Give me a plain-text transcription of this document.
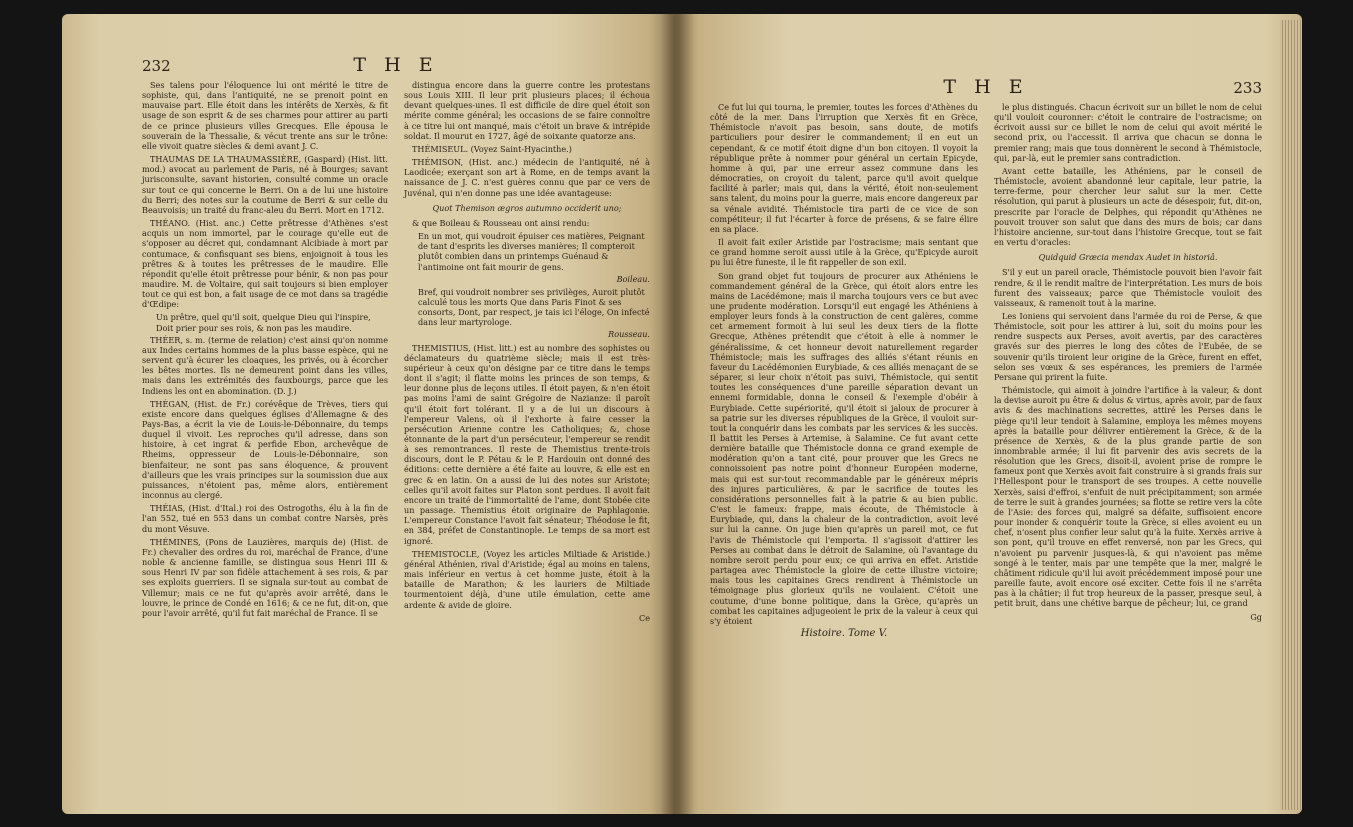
232	T H E

Ses talens pour l'éloquence lui ont mérité le titre de sophiste, qui, dans l'antiquité, ne se prenoit point en mauvaise part. Elle étoit dans les intérêts de Xerxès, & fit usage de son esprit & de ses charmes pour attirer au parti de ce prince plusieurs villes Grecques. Elle épousa le souverain de la Thessalie, & vécut trente ans sur le trône: elle vivoit quatre siècles & demi avant J. C.

THAUMAS DE LA THAUMASSIÈRE, (Gaspard) (Hist. litt. mod.) avocat au parlement de Paris, né à Bourges; savant jurisconsulte, savant historien, consulté comme un oracle sur tout ce qui concerne le Berri. On a de lui une histoire du Berri; des notes sur la coutume de Berri & sur celle du Beauvoisis; un traité du franc-aleu du Berri. Mort en 1712.

THÉANO. (Hist. anc.) Cette prêtresse d'Athènes s'est acquis un nom immortel, par le courage qu'elle eut de s'opposer au décret qui, condamnant Alcibiade à mort par contumace, & confisquant ses biens, enjoignoit à tous les prêtres & à toutes les prêtresses de le maudire. Elle répondit qu'elle étoit prêtresse pour bénir, & non pas pour maudire. M. de Voltaire, qui sait toujours si bien employer tout ce qui est bon, a fait usage de ce mot dans sa tragédie d'Œdipe:

Un prêtre, quel qu'il soit, quelque Dieu qui l'inspire, Doit prier pour ses rois, & non pas les maudire.

THÉER, s. m. (terme de relation) c'est ainsi qu'on nomme aux Indes certains hommes de la plus basse espèce, qui ne servent qu'à écurer les cloaques, les privés, ou à écorcher les bêtes mortes. Ils ne demeurent point dans les villes, mais dans les extrémités des fauxbourgs, parce que les Indiens les ont en abomination. (D. J.)

THÉGAN, (Hist. de Fr.) corévêque de Trèves, tiers qui existe encore dans quelques églises d'Allemagne & des Pays-Bas, a écrit la vie de Louis-le-Débonnaire, du temps duquel il vivoit. Les reproches qu'il adresse, dans son histoire, à cet ingrat & perfide Ebon, archevêque de Rheims, oppresseur de Louis-le-Débonnaire, son bienfaiteur, ne sont pas sans éloquence, & prouvent d'ailleurs que les vrais principes sur la soumission due aux puissances, n'étoient pas, même alors, entièrement inconnus au clergé.

THÉIAS, (Hist. d'Ital.) roi des Ostrogoths, élu à la fin de l'an 552, tué en 553 dans un combat contre Narsès, près du mont Vésuve.

THÉMINES, (Pons de Lauzières, marquis de) (Hist. de Fr.) chevalier des ordres du roi, maréchal de France, d'une noble & ancienne famille, se distingua sous Henri III & sous Henri IV par son fidèle attachement à ses rois, & par ses exploits guerriers. Il se signala sur-tout au combat de Villemur; mais ce ne fut qu'après avoir arrêté, dans le louvre, le prince de Condé en 1616; & ce ne fut, dit-on, que pour l'avoir arrêté, qu'il fut fait maréchal de France. Il se

distingua encore dans la guerre contre les protestans sous Louis XIII. Il leur prit plusieurs places; il échoua devant quelques-unes. Il est difficile de dire quel étoit son mérite comme général; les occasions de se faire connoître à ce titre lui ont manqué, mais c'étoit un brave & intrépide soldat. Il mourut en 1727, âgé de soixante quatorze ans.

THÉMISEUL. (Voyez Saint-Hyacinthe.)

THÉMISON, (Hist. anc.) médecin de l'antiquité, né à Laodicée; exerçant son art à Rome, en de temps avant la naissance de J. C. n'est guères connu que par ce vers de Juvénal, qui n'en donne pas une idée avantageuse:

Quot Themison ægros autumno occiderit uno;

& que Boileau & Rousseau ont ainsi rendu:

En un mot, qui voudroit épuiser ces matières, Peignant de tant d'esprits les diverses manières; Il compteroit plutôt combien dans un printemps Guénaud & l'antimoine ont fait mourir de gens.

Boileau.

Bref, qui voudroit nombrer ses privilèges, Auroit plutôt calculé tous les morts Que dans Paris Finot & ses consorts, Dont, par respect, je tais ici l'éloge, On infecté dans leur martyrologe.

Rousseau.

THEMISTIUS, (Hist. litt.) est au nombre des sophistes ou déclamateurs du quatrième siècle; mais il est très-supérieur à ceux qu'on désigne par ce titre dans le temps dont il s'agit; il flatte moins les princes de son temps, & leur donne plus de leçons utiles. Il étoit payen, & n'en étoit pas moins l'ami de saint Grégoire de Nazianze: il paroît qu'il étoit fort tolérant. Il y a de lui un discours à l'empereur Valens, où il l'exhorte à faire cesser la persécution Arienne contre les Catholiques; &, chose étonnante de la part d'un persécuteur, l'empereur se rendit à ses remontrances. Il reste de Themistius trente-trois discours, dont le P. Pétau & le P. Hardouin ont donné des éditions: cette dernière a été faite au louvre, & elle est en grec & en latin. On a aussi de lui des notes sur Aristote; celles qu'il avoit faites sur Platon sont perdues. Il avoit fait encore un traité de l'immortalité de l'ame, dont Stobée cite un passage. Themistius étoit originaire de Paphlagonie. L'empereur Constance l'avoit fait sénateur; Théodose le fit, en 384, préfet de Constantinople. Le temps de sa mort est ignoré.

THEMISTOCLE, (Voyez les articles Miltiade & Aristide.) général Athénien, rival d'Aristide; égal au moins en talens, mais inférieur en vertus à cet homme juste, étoit à la bataille de Marathon; & les lauriers de Miltiade tourmentoient déjà, d'une utile émulation, cette ame ardente & avide de gloire.

Ce

T H E	233

Ce fut lui qui tourna, le premier, toutes les forces d'Athènes du côté de la mer. Dans l'irruption que Xerxès fit en Grèce, Thémistocle n'avoit pas besoin, sans doute, de motifs particuliers pour desirer le commandement; il en eut un cependant, & ce motif étoit digne d'un bon citoyen. Il voyoit la république prête à nommer pour général un certain Epicyde, homme à qui, par une erreur assez commune dans les démocraties, on croyoit du talent, parce qu'il avoit quelque facilité à parler; mais qui, dans la vérité, étoit non-seulement sans talent, du moins pour la guerre, mais encore dangereux par sa vénale avidité. Thémistocle tira parti de ce vice de son compétiteur; il fut l'écarter à force de présens, & se faire élire en sa place.

Il avoit fait exiler Aristide par l'ostracisme; mais sentant que ce grand homme seroit aussi utile à la Grèce, qu'Epicyde auroit pu lui être funeste, il le fit rappeller de son exil.

Son grand objet fut toujours de procurer aux Athéniens le commandement général de la Grèce, qui étoit alors entre les mains de Lacédémone; mais il marcha toujours vers ce but avec une prudente modération. Lorsqu'il eut engagé les Athéniens à employer leurs fonds à la construction de cent galères, comme cet armement formoit à lui seul les deux tiers de la flotte Grecque, Athènes prétendit que c'étoit à elle à nommer le généralissime, & cet honneur devoit naturellement regarder Thémistocle; mais les suffrages des alliés s'étant réunis en faveur du Lacédémonien Eurybiade, & ces alliés menaçant de se séparer, si leur choix n'étoit pas suivi, Thémistocle, qui sentit toutes les conséquences d'une pareille séparation devant un ennemi formidable, donna le conseil & l'exemple d'obéir à Eurybiade. Cette supériorité, qu'il étoit si jaloux de procurer à sa patrie sur les diverses républiques de la Grèce, il vouloit sur-tout la conquérir dans les combats par les services & les succès. Il battit les Perses à Artemise, à Salamine. Ce fut avant cette dernière bataille que Thémistocle donna ce grand exemple de modération qu'on a tant cité, pour prouver que les Grecs ne connoissoient pas notre point d'honneur Européen moderne, mais qui est sur-tout recommandable par le généreux mépris des injures particulières, & par le sacrifice de toutes les considérations personnelles fait à la patrie & au bien public. C'est le fameux: frappe, mais écoute, de Thémistocle à Eurybiade, qui, dans la chaleur de la contradiction, avoit levé sur lui la canne. On juge bien qu'après un pareil mot, ce fut l'avis de Thémistocle qui l'emporta. Il s'agissoit d'attirer les Perses au combat dans le détroit de Salamine, où l'avantage du nombre seroit perdu pour eux; ce qui arriva en effet. Aristide partagea avec Thémistocle la gloire de cette illustre victoire; mais tous les capitaines Grecs rendirent à Thémistocle un témoignage plus glorieux qu'ils ne voulaient. C'étoit une coutume, d'une bonne politique, dans la Grèce, qu'après un combat les capitaines adjugeoient le prix de la valeur à ceux qui s'y étoient

Histoire. Tome V.

le plus distingués. Chacun écrivoit sur un billet le nom de celui qu'il vouloit couronner: c'étoit le contraire de l'ostracisme; on écrivoit aussi sur ce billet le nom de celui qui avoit mérité le second prix, ou l'accessit. Il arriva que chacun se donna le premier rang; mais que tous donnèrent le second à Thémistocle, qui, par-là, eut le premier sans contradiction.

Avant cette bataille, les Athéniens, par le conseil de Thémistocle, avoient abandonné leur capitale, leur patrie, la terre-ferme, pour chercher leur salut sur la mer. Cette résolution, qui parut à plusieurs un acte de désespoir, fut, dit-on, prescrite par l'oracle de Delphes, qui répondit qu'Athènes ne pouvoit trouver son salut que dans des murs de bois; car dans l'histoire ancienne, sur-tout dans l'histoire Grecque, tout se fait en vertu d'oracles:

Quidquid Græcia mendax Audet in historiâ.

S'il y eut un pareil oracle, Thémistocle pouvoit bien l'avoir fait rendre, & il le rendit maître de l'interprétation. Les murs de bois furent des vaisseaux; parce que Thémistocle vouloit des vaisseaux, & ramenoit tout à la marine.

Les Ioniens qui servoient dans l'armée du roi de Perse, & que Thémistocle, soit pour les attirer à lui, soit du moins pour les rendre suspects aux Perses, avoit avertis, par des caractères gravés sur des pierres le long des côtes de l'Eubée, de se souvenir qu'ils tiroient leur origine de la Grèce, furent en effet, selon ses vœux & ses espérances, les premiers de l'armée Persane qui prirent la fuite.

Thémistocle, qui aimoit à joindre l'artifice à la valeur, & dont la devise auroit pu être & dolus & virtus, après avoir, par de faux avis & des machinations secrettes, attiré les Perses dans le piège qu'il leur tendoit à Salamine, employa les mêmes moyens après la bataille pour délivrer entièrement la Grèce, & de la présence de Xerxès, & de la plus grande partie de son innombrable armée; il lui fit parvenir des avis secrets de la résolution que les Grecs, disoit-il, avoient prise de rompre le fameux pont que Xerxès avoit fait construire à si grands frais sur l'Hellespont pour le transport de ses troupes. A cette nouvelle Xerxès, saisi d'effroi, s'enfuit de nuit précipitamment; son armée de terre le suit à grandes journées; sa flotte se retire vers la côte de l'Asie: des forces qui, malgré sa défaite, suffisoient encore pour inonder & conquérir toute la Grèce, si elles avoient eu un chef, n'osent plus confier leur salut qu'à la fuite. Xerxès arrive à son pont, qu'il trouve en effet renversé, non par les Grecs, qui n'avoient pu parvenir jusques-là, & qui n'avoient pas même songé à le tenter, mais par une tempête que la mer, malgré le châtiment ridicule qu'il lui avoit précédemment imposé pour une pareille faute, avoit encore osé exciter. Cette fois il ne s'arrêta pas à la châtier; il fut trop heureux de la passer, presque seul, à petit bruit, dans une chétive barque de pêcheur; lui, ce grand

Gg
